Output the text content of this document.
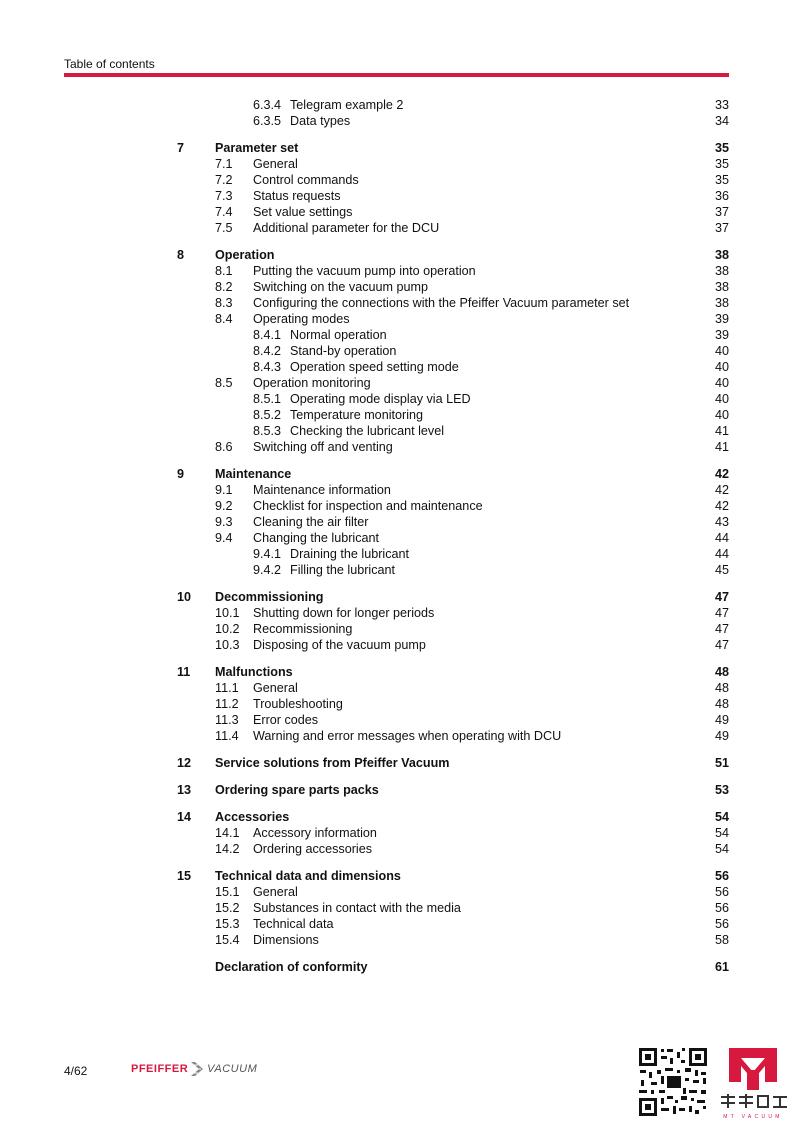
Table of contents
6.3.4 Telegram example 2	33
6.3.5 Data types	34
7 Parameter set	35
7.1 General	35
7.2 Control commands	35
7.3 Status requests	36
7.4 Set value settings	37
7.5 Additional parameter for the DCU	37
8 Operation	38
8.1 Putting the vacuum pump into operation	38
8.2 Switching on the vacuum pump	38
8.3 Configuring the connections with the Pfeiffer Vacuum parameter set	38
8.4 Operating modes	39
8.4.1 Normal operation	39
8.4.2 Stand-by operation	40
8.4.3 Operation speed setting mode	40
8.5 Operation monitoring	40
8.5.1 Operating mode display via LED	40
8.5.2 Temperature monitoring	40
8.5.3 Checking the lubricant level	41
8.6 Switching off and venting	41
9 Maintenance	42
9.1 Maintenance information	42
9.2 Checklist for inspection and maintenance	42
9.3 Cleaning the air filter	43
9.4 Changing the lubricant	44
9.4.1 Draining the lubricant	44
9.4.2 Filling the lubricant	45
10 Decommissioning	47
10.1 Shutting down for longer periods	47
10.2 Recommissioning	47
10.3 Disposing of the vacuum pump	47
11 Malfunctions	48
11.1 General	48
11.2 Troubleshooting	48
11.3 Error codes	49
11.4 Warning and error messages when operating with DCU	49
12 Service solutions from Pfeiffer Vacuum	51
13 Ordering spare parts packs	53
14 Accessories	54
14.1 Accessory information	54
14.2 Ordering accessories	54
15 Technical data and dimensions	56
15.1 General	56
15.2 Substances in contact with the media	56
15.3 Technical data	56
15.4 Dimensions	58
Declaration of conformity	61
4/62	PFEIFFER VACUUM
MT VACUUM
